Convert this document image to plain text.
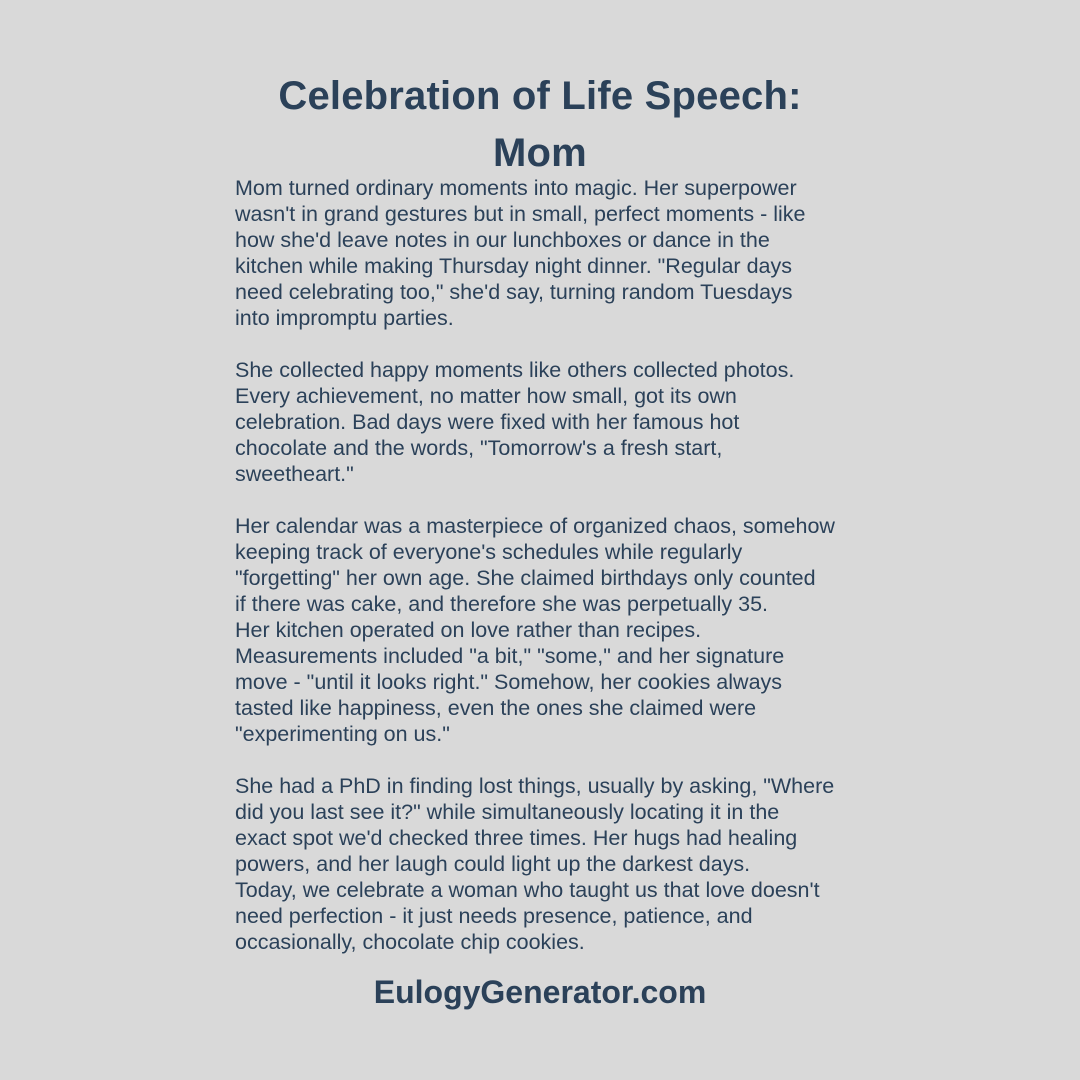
Celebration of Life Speech:
Mom
Mom turned ordinary moments into magic. Her superpower
wasn't in grand gestures but in small, perfect moments - like
how she'd leave notes in our lunchboxes or dance in the
kitchen while making Thursday night dinner. "Regular days
need celebrating too," she'd say, turning random Tuesdays
into impromptu parties.
She collected happy moments like others collected photos.
Every achievement, no matter how small, got its own
celebration. Bad days were fixed with her famous hot
chocolate and the words, "Tomorrow's a fresh start,
sweetheart."
Her calendar was a masterpiece of organized chaos, somehow
keeping track of everyone's schedules while regularly
"forgetting" her own age. She claimed birthdays only counted
if there was cake, and therefore she was perpetually 35.
Her kitchen operated on love rather than recipes.
Measurements included "a bit," "some," and her signature
move - "until it looks right." Somehow, her cookies always
tasted like happiness, even the ones she claimed were
"experimenting on us."
She had a PhD in finding lost things, usually by asking, "Where
did you last see it?" while simultaneously locating it in the
exact spot we'd checked three times. Her hugs had healing
powers, and her laugh could light up the darkest days.
Today, we celebrate a woman who taught us that love doesn't
need perfection - it just needs presence, patience, and
occasionally, chocolate chip cookies.
EulogyGenerator.com
